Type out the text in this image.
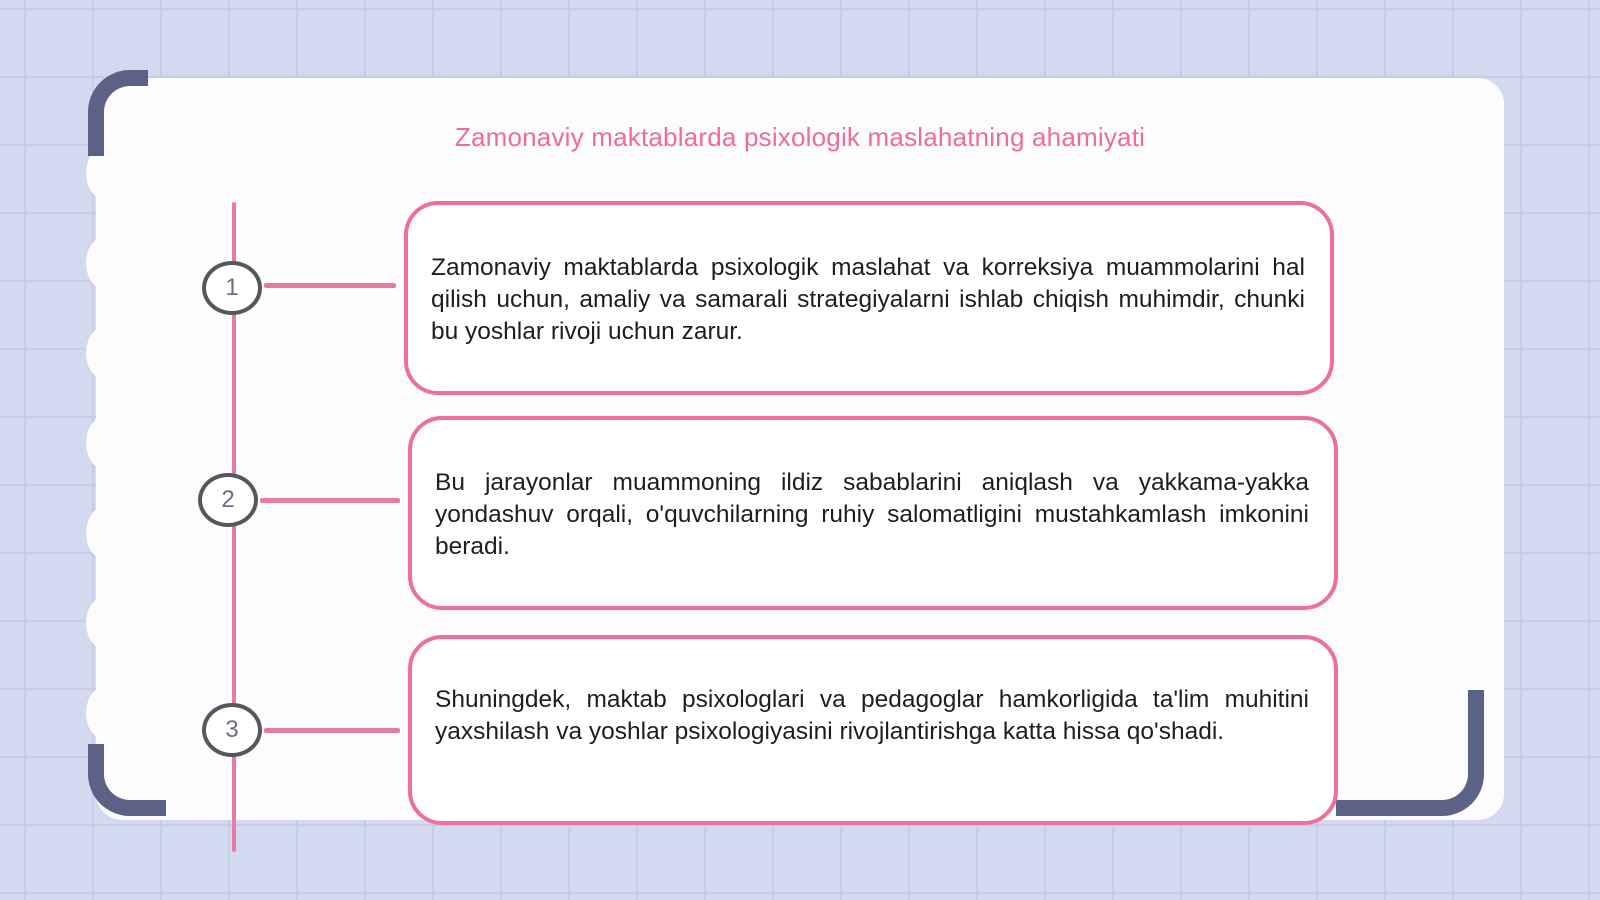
Zamonaviy maktablarda psixologik maslahatning ahamiyati
1
Zamonaviy maktablarda psixologik maslahat va korreksiya muammolarini hal qilish uchun, amaliy va samarali strategiyalarni ishlab chiqish muhimdir, chunki bu yoshlar rivoji uchun zarur.
2
Bu jarayonlar muammoning ildiz sabablarini aniqlash va yakkama-yakka yondashuv orqali, o'quvchilarning ruhiy salomatligini mustahkamlash imkonini beradi.
3
Shuningdek, maktab psixologlari va pedagoglar hamkorligida ta'lim muhitini yaxshilash va yoshlar psixologiyasini rivojlantirishga katta hissa qo'shadi.
